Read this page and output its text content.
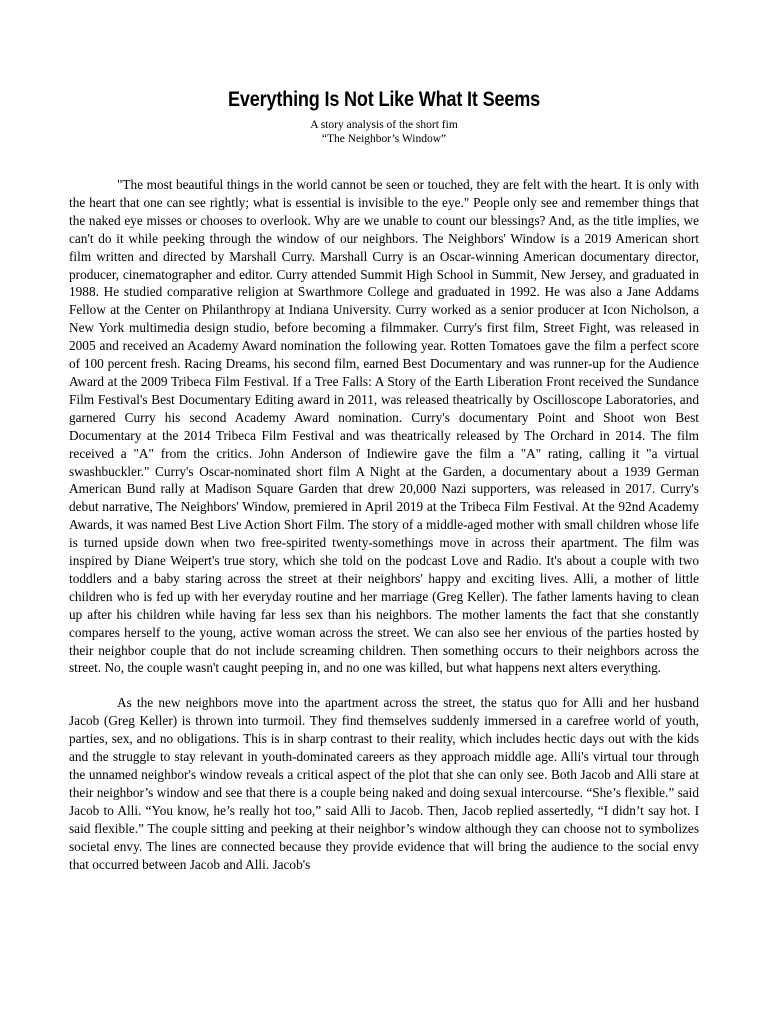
Everything Is Not Like What It Seems
A story analysis of the short fim
“The Neighbor’s Window”

"The most beautiful things in the world cannot be seen or touched, they are felt with the heart. It is only with the heart that one can see rightly; what is essential is invisible to the eye." People only see and remember things that the naked eye misses or chooses to overlook. Why are we unable to count our blessings? And, as the title implies, we can't do it while peeking through the window of our neighbors. The Neighbors' Window is a 2019 American short film written and directed by Marshall Curry. Marshall Curry is an Oscar-winning American documentary director, producer, cinematographer and editor. Curry attended Summit High School in Summit, New Jersey, and graduated in 1988. He studied comparative religion at Swarthmore College and graduated in 1992. He was also a Jane Addams Fellow at the Center on Philanthropy at Indiana University. Curry worked as a senior producer at Icon Nicholson, a New York multimedia design studio, before becoming a filmmaker. Curry's first film, Street Fight, was released in 2005 and received an Academy Award nomination the following year. Rotten Tomatoes gave the film a perfect score of 100 percent fresh. Racing Dreams, his second film, earned Best Documentary and was runner-up for the Audience Award at the 2009 Tribeca Film Festival. If a Tree Falls: A Story of the Earth Liberation Front received the Sundance Film Festival's Best Documentary Editing award in 2011, was released theatrically by Oscilloscope Laboratories, and garnered Curry his second Academy Award nomination. Curry's documentary Point and Shoot won Best Documentary at the 2014 Tribeca Film Festival and was theatrically released by The Orchard in 2014. The film received a "A" from the critics. John Anderson of Indiewire gave the film a "A" rating, calling it "a virtual swashbuckler." Curry's Oscar-nominated short film A Night at the Garden, a documentary about a 1939 German American Bund rally at Madison Square Garden that drew 20,000 Nazi supporters, was released in 2017. Curry's debut narrative, The Neighbors' Window, premiered in April 2019 at the Tribeca Film Festival. At the 92nd Academy Awards, it was named Best Live Action Short Film. The story of a middle-aged mother with small children whose life is turned upside down when two free-spirited twenty-somethings move in across their apartment. The film was inspired by Diane Weipert's true story, which she told on the podcast Love and Radio. It's about a couple with two toddlers and a baby staring across the street at their neighbors' happy and exciting lives. Alli, a mother of little children who is fed up with her everyday routine and her marriage (Greg Keller). The father laments having to clean up after his children while having far less sex than his neighbors. The mother laments the fact that she constantly compares herself to the young, active woman across the street. We can also see her envious of the parties hosted by their neighbor couple that do not include screaming children. Then something occurs to their neighbors across the street. No, the couple wasn't caught peeping in, and no one was killed, but what happens next alters everything.

As the new neighbors move into the apartment across the street, the status quo for Alli and her husband Jacob (Greg Keller) is thrown into turmoil. They find themselves suddenly immersed in a carefree world of youth, parties, sex, and no obligations. This is in sharp contrast to their reality, which includes hectic days out with the kids and the struggle to stay relevant in youth-dominated careers as they approach middle age. Alli's virtual tour through the unnamed neighbor's window reveals a critical aspect of the plot that she can only see. Both Jacob and Alli stare at their neighbor’s window and see that there is a couple being naked and doing sexual intercourse. “She’s flexible.” said Jacob to Alli. “You know, he’s really hot too,” said Alli to Jacob. Then, Jacob replied assertedly, “I didn’t say hot. I said flexible.” The couple sitting and peeking at their neighbor’s window although they can choose not to symbolizes societal envy. The lines are connected because they provide evidence that will bring the audience to the social envy that occurred between Jacob and Alli. Jacob's
